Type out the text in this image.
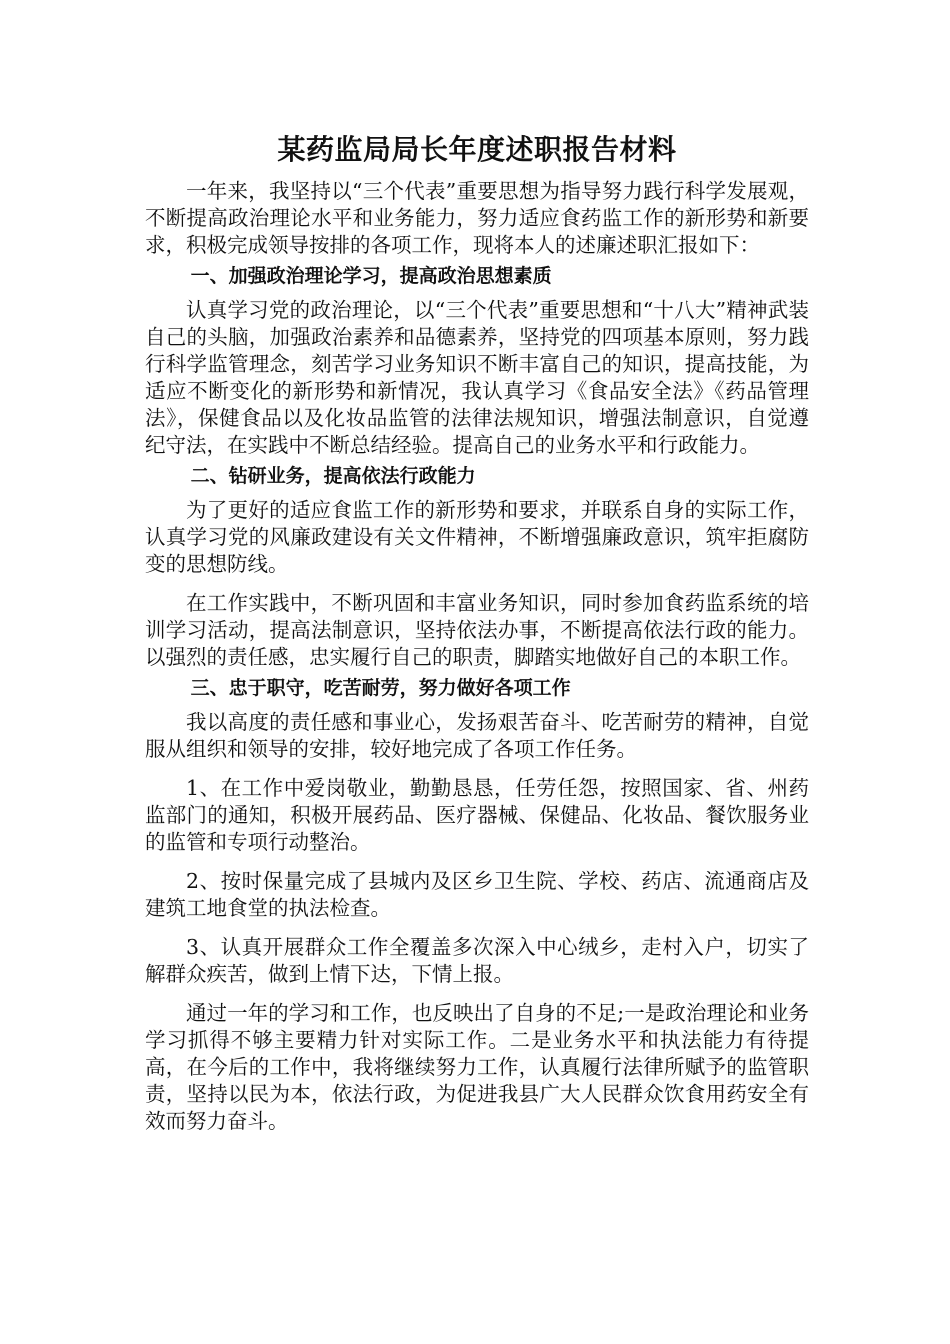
某药监局局长年度述职报告材料

一年来，我坚持以“三个代表”重要思想为指导努力践行科学发展观，不断提高政治理论水平和业务能力，努力适应食药监工作的新形势和新要求，积极完成领导按排的各项工作，现将本人的述廉述职汇报如下：

一、加强政治理论学习，提高政治思想素质

认真学习党的政治理论，以“三个代表”重要思想和“十八大”精神武装自己的头脑，加强政治素养和品德素养，坚持党的四项基本原则，努力践行科学监管理念，刻苦学习业务知识不断丰富自己的知识，提高技能，为适应不断变化的新形势和新情况，我认真学习《食品安全法》《药品管理法》，保健食品以及化妆品监管的法律法规知识，增强法制意识，自觉遵纪守法，在实践中不断总结经验。提高自己的业务水平和行政能力。

二、钻研业务，提高依法行政能力

为了更好的适应食监工作的新形势和要求，并联系自身的实际工作，认真学习党的风廉政建设有关文件精神，不断增强廉政意识，筑牢拒腐防变的思想防线。

在工作实践中，不断巩固和丰富业务知识，同时参加食药监系统的培训学习活动，提高法制意识，坚持依法办事，不断提高依法行政的能力。以强烈的责任感，忠实履行自己的职责，脚踏实地做好自己的本职工作。

三、忠于职守，吃苦耐劳，努力做好各项工作

我以高度的责任感和事业心，发扬艰苦奋斗、吃苦耐劳的精神，自觉服从组织和领导的安排，较好地完成了各项工作任务。

1、在工作中爱岗敬业，勤勤恳恳，任劳任怨，按照国家、省、州药监部门的通知，积极开展药品、医疗器械、保健品、化妆品、餐饮服务业的监管和专项行动整治。

2、按时保量完成了县城内及区乡卫生院、学校、药店、流通商店及建筑工地食堂的执法检查。

3、认真开展群众工作全覆盖多次深入中心绒乡，走村入户，切实了解群众疾苦，做到上情下达，下情上报。

通过一年的学习和工作，也反映出了自身的不足;一是政治理论和业务学习抓得不够主要精力针对实际工作。二是业务水平和执法能力有待提高，在今后的工作中，我将继续努力工作，认真履行法律所赋予的监管职责，坚持以民为本，依法行政，为促进我县广大人民群众饮食用药安全有效而努力奋斗。
